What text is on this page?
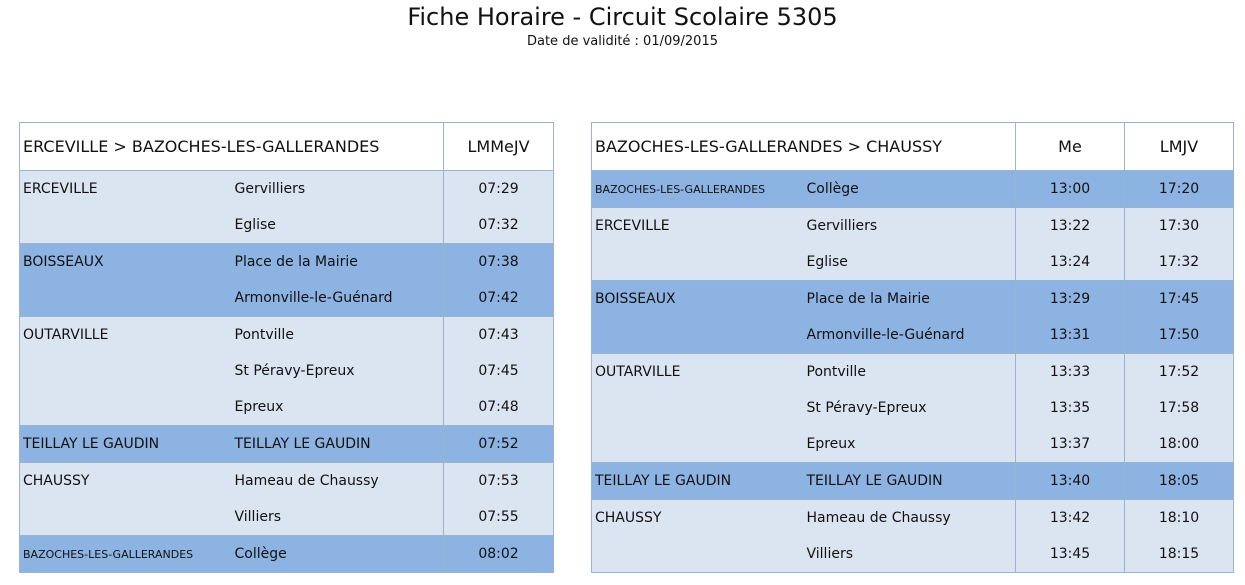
Fiche Horaire - Circuit Scolaire 5305
Date de validité : 01/09/2015
ERCEVILLE > BAZOCHES-LES-GALLERANDES		LMMeJV
ERCEVILLE	Gervilliers	07:29
	Eglise	07:32
BOISSEAUX	Place de la Mairie	07:38
	Armonville-le-Guénard	07:42
OUTARVILLE	Pontville	07:43
	St Péravy-Epreux	07:45
	Epreux	07:48
TEILLAY LE GAUDIN	TEILLAY LE GAUDIN	07:52
CHAUSSY	Hameau de Chaussy	07:53
	Villiers	07:55
BAZOCHES-LES-GALLERANDES	Collège	08:02
BAZOCHES-LES-GALLERANDES > CHAUSSY		Me	LMJV
BAZOCHES-LES-GALLERANDES	Collège	13:00	17:20
ERCEVILLE	Gervilliers	13:22	17:30
	Eglise	13:24	17:32
BOISSEAUX	Place de la Mairie	13:29	17:45
	Armonville-le-Guénard	13:31	17:50
OUTARVILLE	Pontville	13:33	17:52
	St Péravy-Epreux	13:35	17:58
	Epreux	13:37	18:00
TEILLAY LE GAUDIN	TEILLAY LE GAUDIN	13:40	18:05
CHAUSSY	Hameau de Chaussy	13:42	18:10
	Villiers	13:45	18:15
